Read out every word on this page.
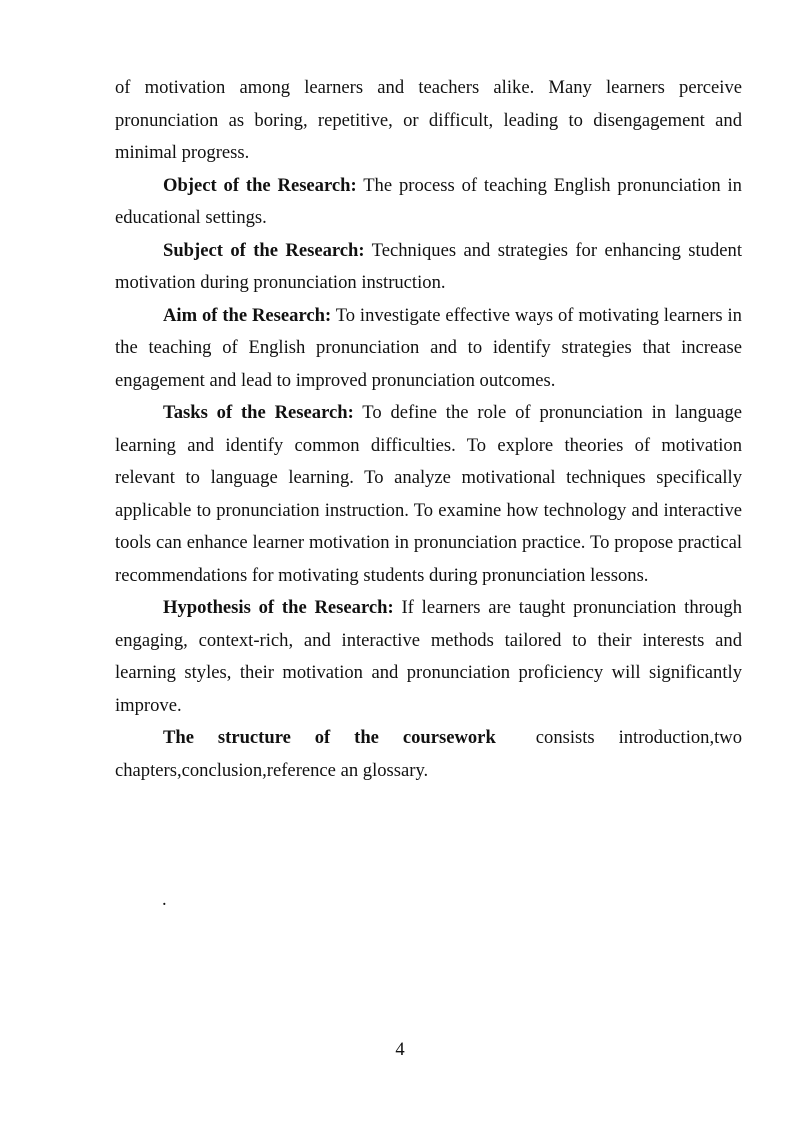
of motivation among learners and teachers alike. Many learners perceive pronunciation as boring, repetitive, or difficult, leading to disengagement and minimal progress.

Object of the Research: The process of teaching English pronunciation in educational settings.

Subject of the Research: Techniques and strategies for enhancing student motivation during pronunciation instruction.

Aim of the Research: To investigate effective ways of motivating learners in the teaching of English pronunciation and to identify strategies that increase engagement and lead to improved pronunciation outcomes.

Tasks of the Research: To define the role of pronunciation in language learning and identify common difficulties. To explore theories of motivation relevant to language learning. To analyze motivational techniques specifically applicable to pronunciation instruction. To examine how technology and interactive tools can enhance learner motivation in pronunciation practice. To propose practical recommendations for motivating students during pronunciation lessons.

Hypothesis of the Research: If learners are taught pronunciation through engaging, context-rich, and interactive methods tailored to their interests and learning styles, their motivation and pronunciation proficiency will significantly improve.

The structure of the coursework consists introduction,two chapters,conclusion,reference an glossary.

.
4
